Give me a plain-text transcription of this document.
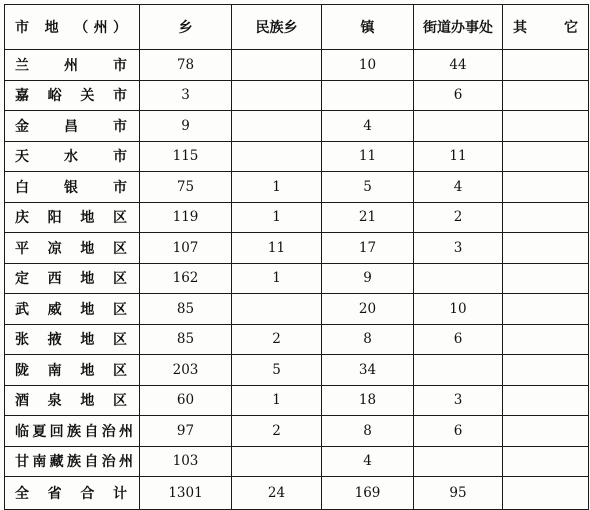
市 地 （州）	乡	民族乡	镇	街道办事处	其 它
兰州市	78		10	44	
嘉峪关市	3			6	
金昌市	9		4		
天水市	115		11	11	
白银市	75	1	5	4	
庆阳地区	119	1	21	2	
平凉地区	107	11	17	3	
定西地区	162	1	9		
武威地区	85		20	10	
张掖地区	85	2	8	6	
陇南地区	203	5	34		
酒泉地区	60	1	18	3	
临夏回族自治州	97	2	8	6	
甘南藏族自治州	103		4		
全省合计	1301	24	169	95	
